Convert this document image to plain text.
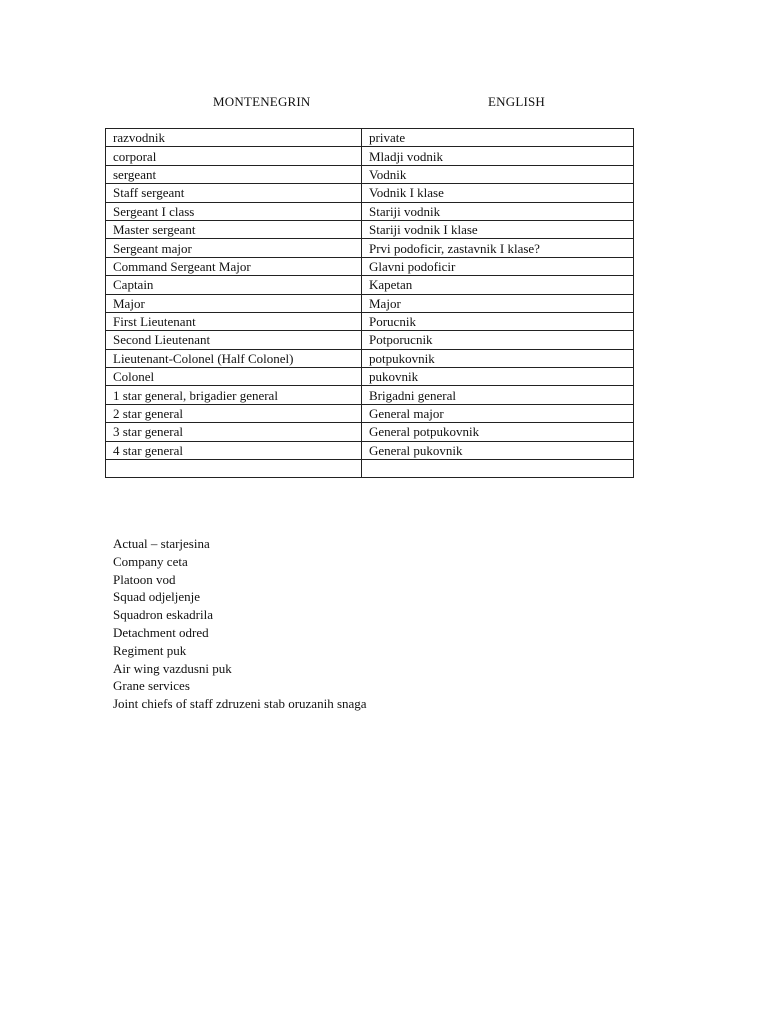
MONTENEGRIN	ENGLISH
razvodnik	private
corporal	Mladji vodnik
sergeant	Vodnik
Staff sergeant	Vodnik I klase
Sergeant I class	Stariji vodnik
Master sergeant	Stariji vodnik I klase
Sergeant major	Prvi podoficir, zastavnik I klase?
Command Sergeant Major	Glavni podoficir
Captain	Kapetan
Major	Major
First Lieutenant	Porucnik
Second Lieutenant	Potporucnik
Lieutenant-Colonel (Half Colonel)	potpukovnik
Colonel	pukovnik
1 star general, brigadier general	Brigadni general
2 star general	General major
3 star general	General potpukovnik
4 star general	General pukovnik

Actual – starjesina
Company ceta
Platoon vod
Squad odjeljenje
Squadron eskadrila
Detachment odred
Regiment puk
Air wing vazdusni puk
Grane services
Joint chiefs of staff zdruzeni stab oruzanih snaga
